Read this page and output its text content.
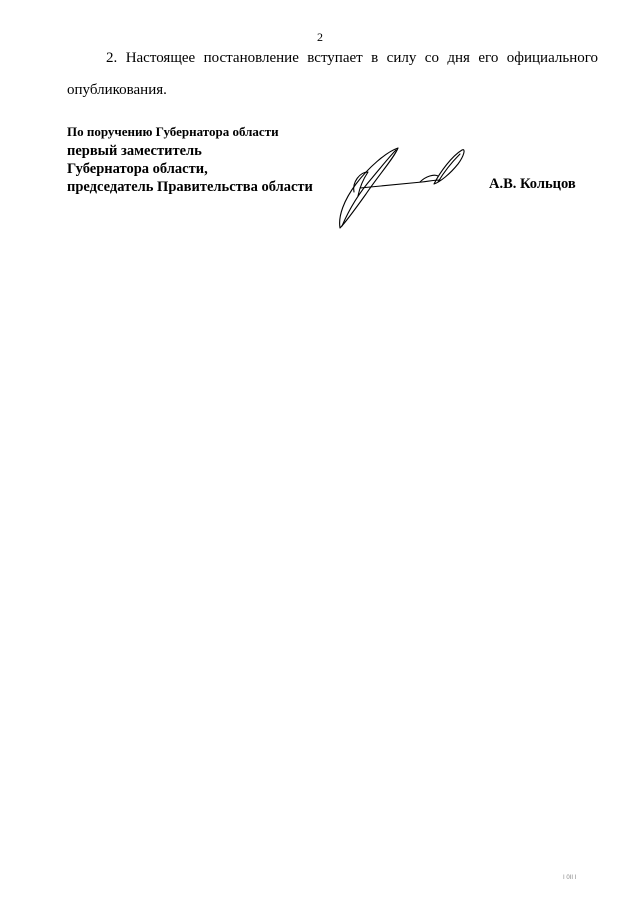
2

2. Настоящее постановление вступает в силу со дня его официального опубликования.

По поручению Губернатора области
первый заместитель
Губернатора области,
председатель Правительства области	А.В. Кольцов
I 0II I
